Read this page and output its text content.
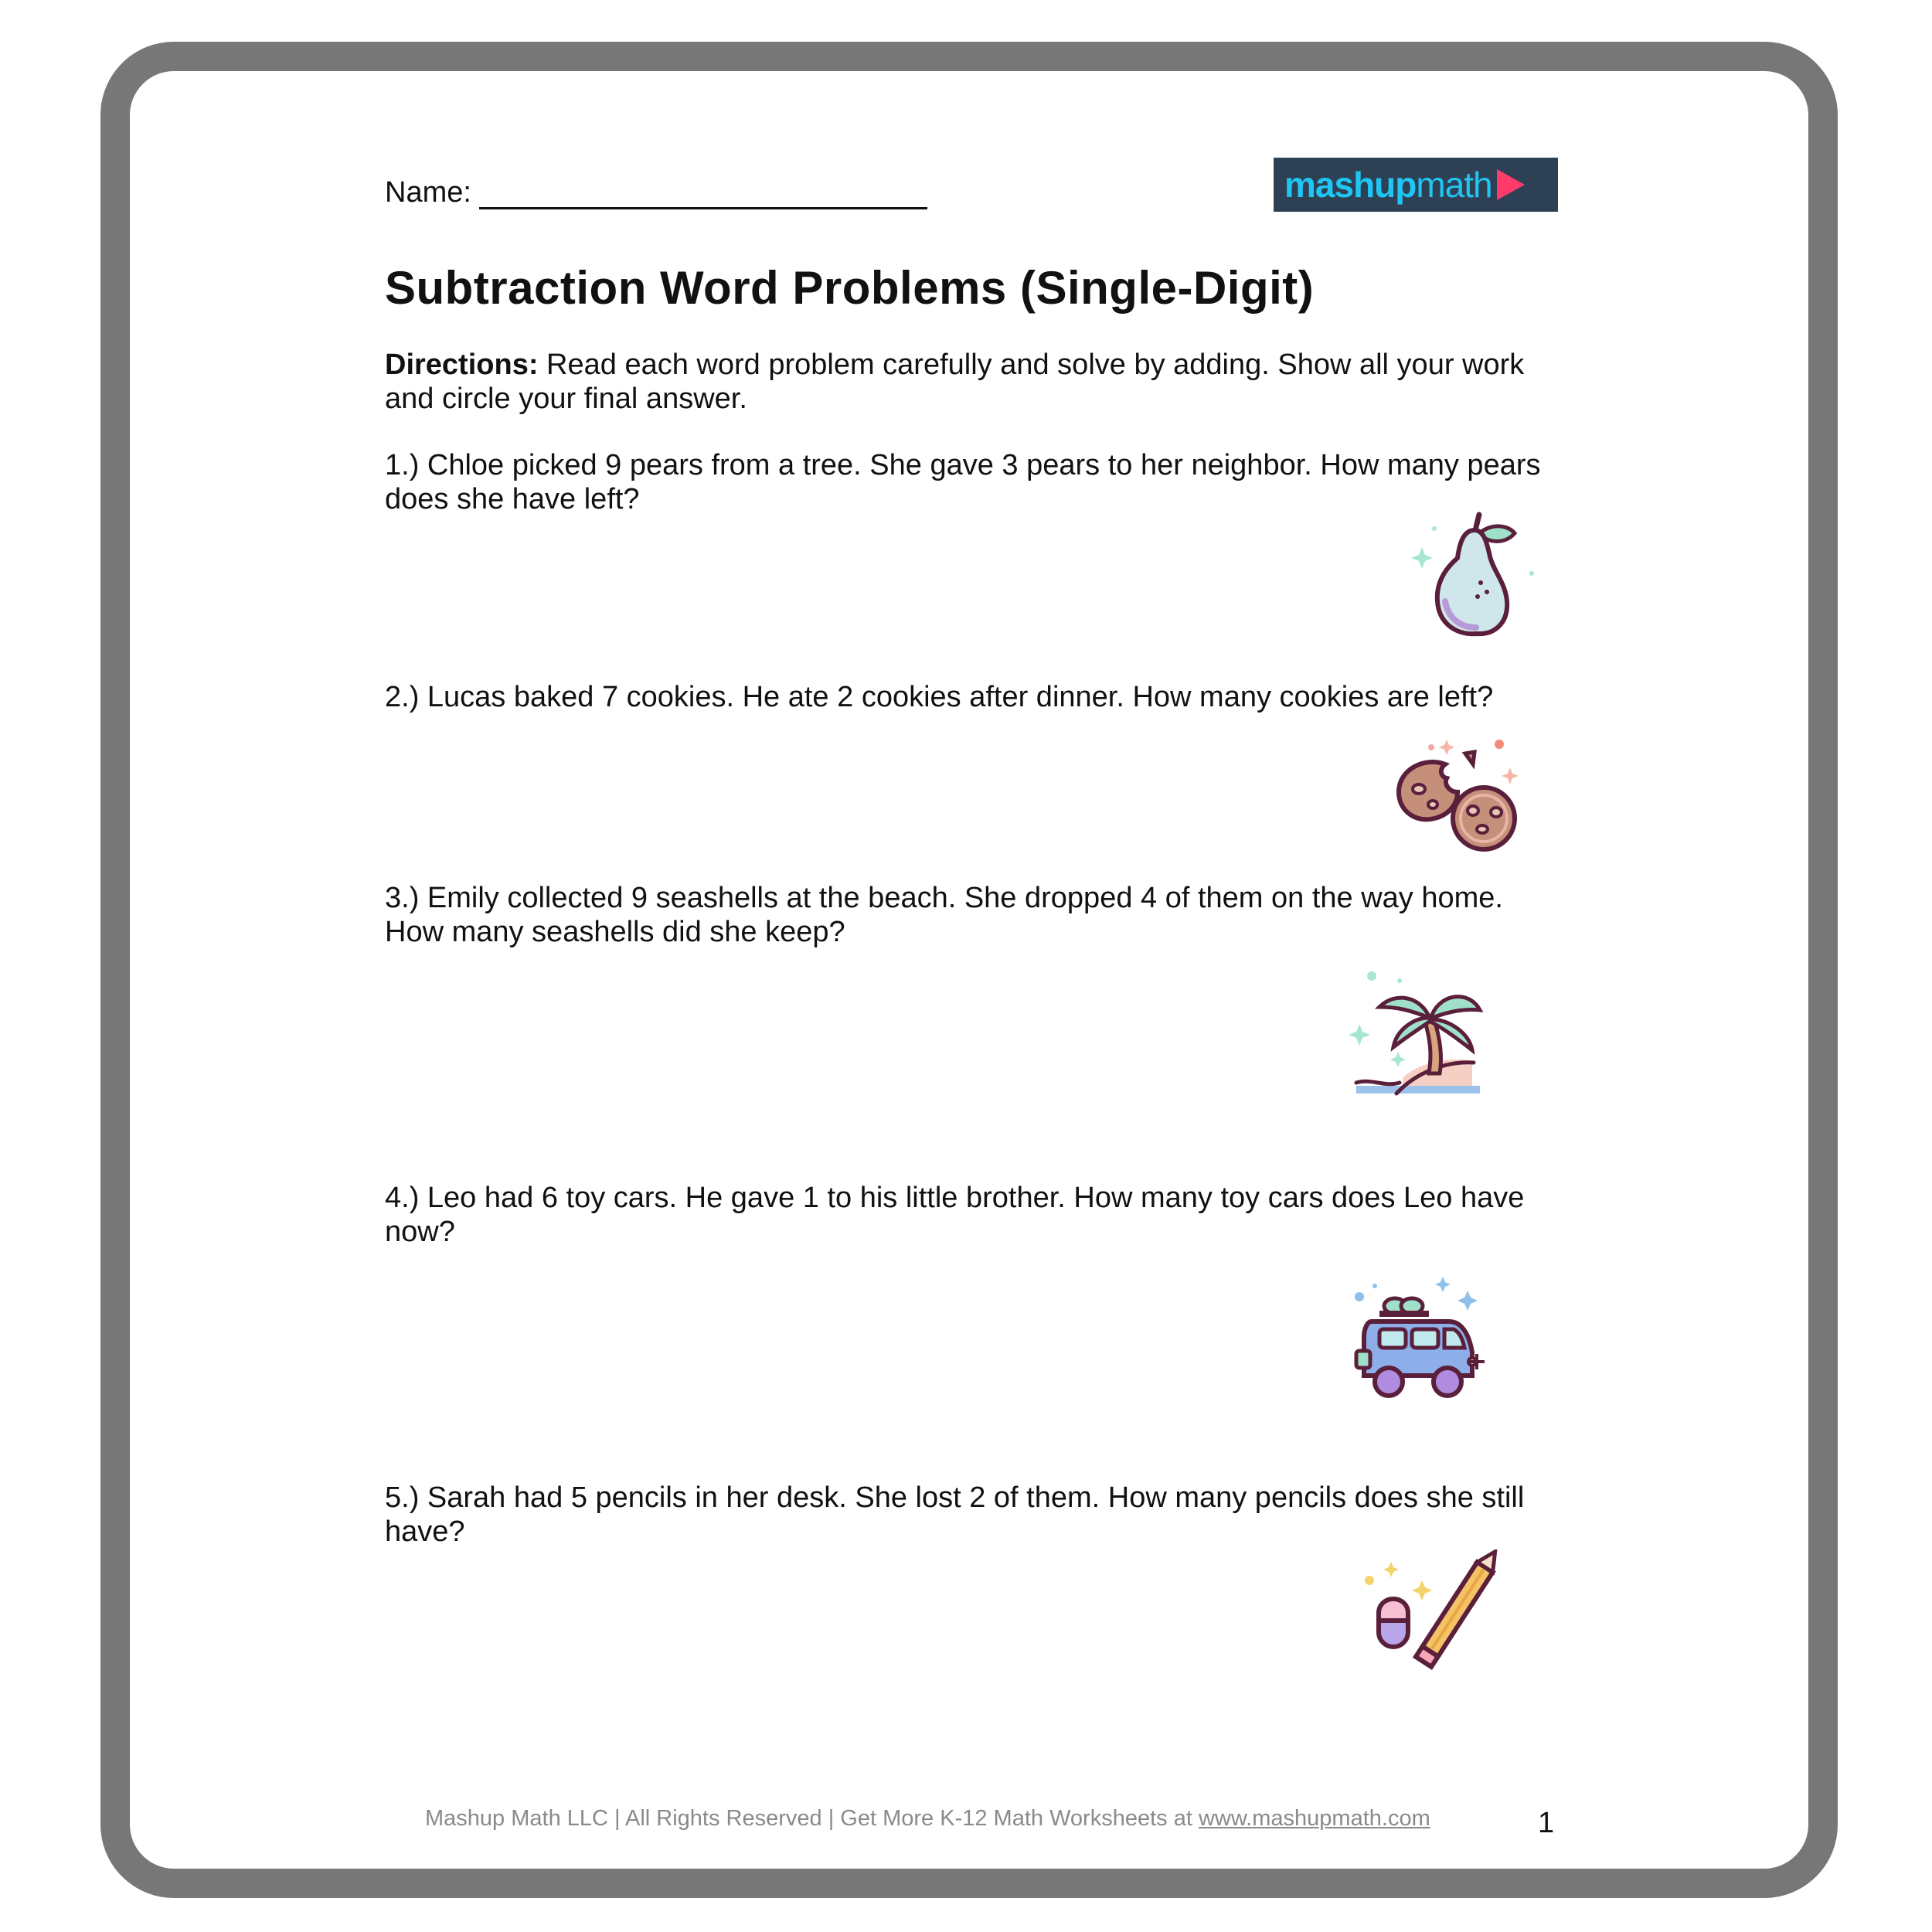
Name:	mashup math
Subtraction Word Problems (Single-Digit)
Directions: Read each word problem carefully and solve by adding. Show all your work and circle your final answer.
1.) Chloe picked 9 pears from a tree. She gave 3 pears to her neighbor. How many pears does she have left?
2.) Lucas baked 7 cookies. He ate 2 cookies after dinner. How many cookies are left?
3.) Emily collected 9 seashells at the beach. She dropped 4 of them on the way home. How many seashells did she keep?
4.) Leo had 6 toy cars. He gave 1 to his little brother. How many toy cars does Leo have now?
5.) Sarah had 5 pencils in her desk. She lost 2 of them. How many pencils does she still have?
Mashup Math LLC | All Rights Reserved | Get More K-12 Math Worksheets at www.mashupmath.com	1
